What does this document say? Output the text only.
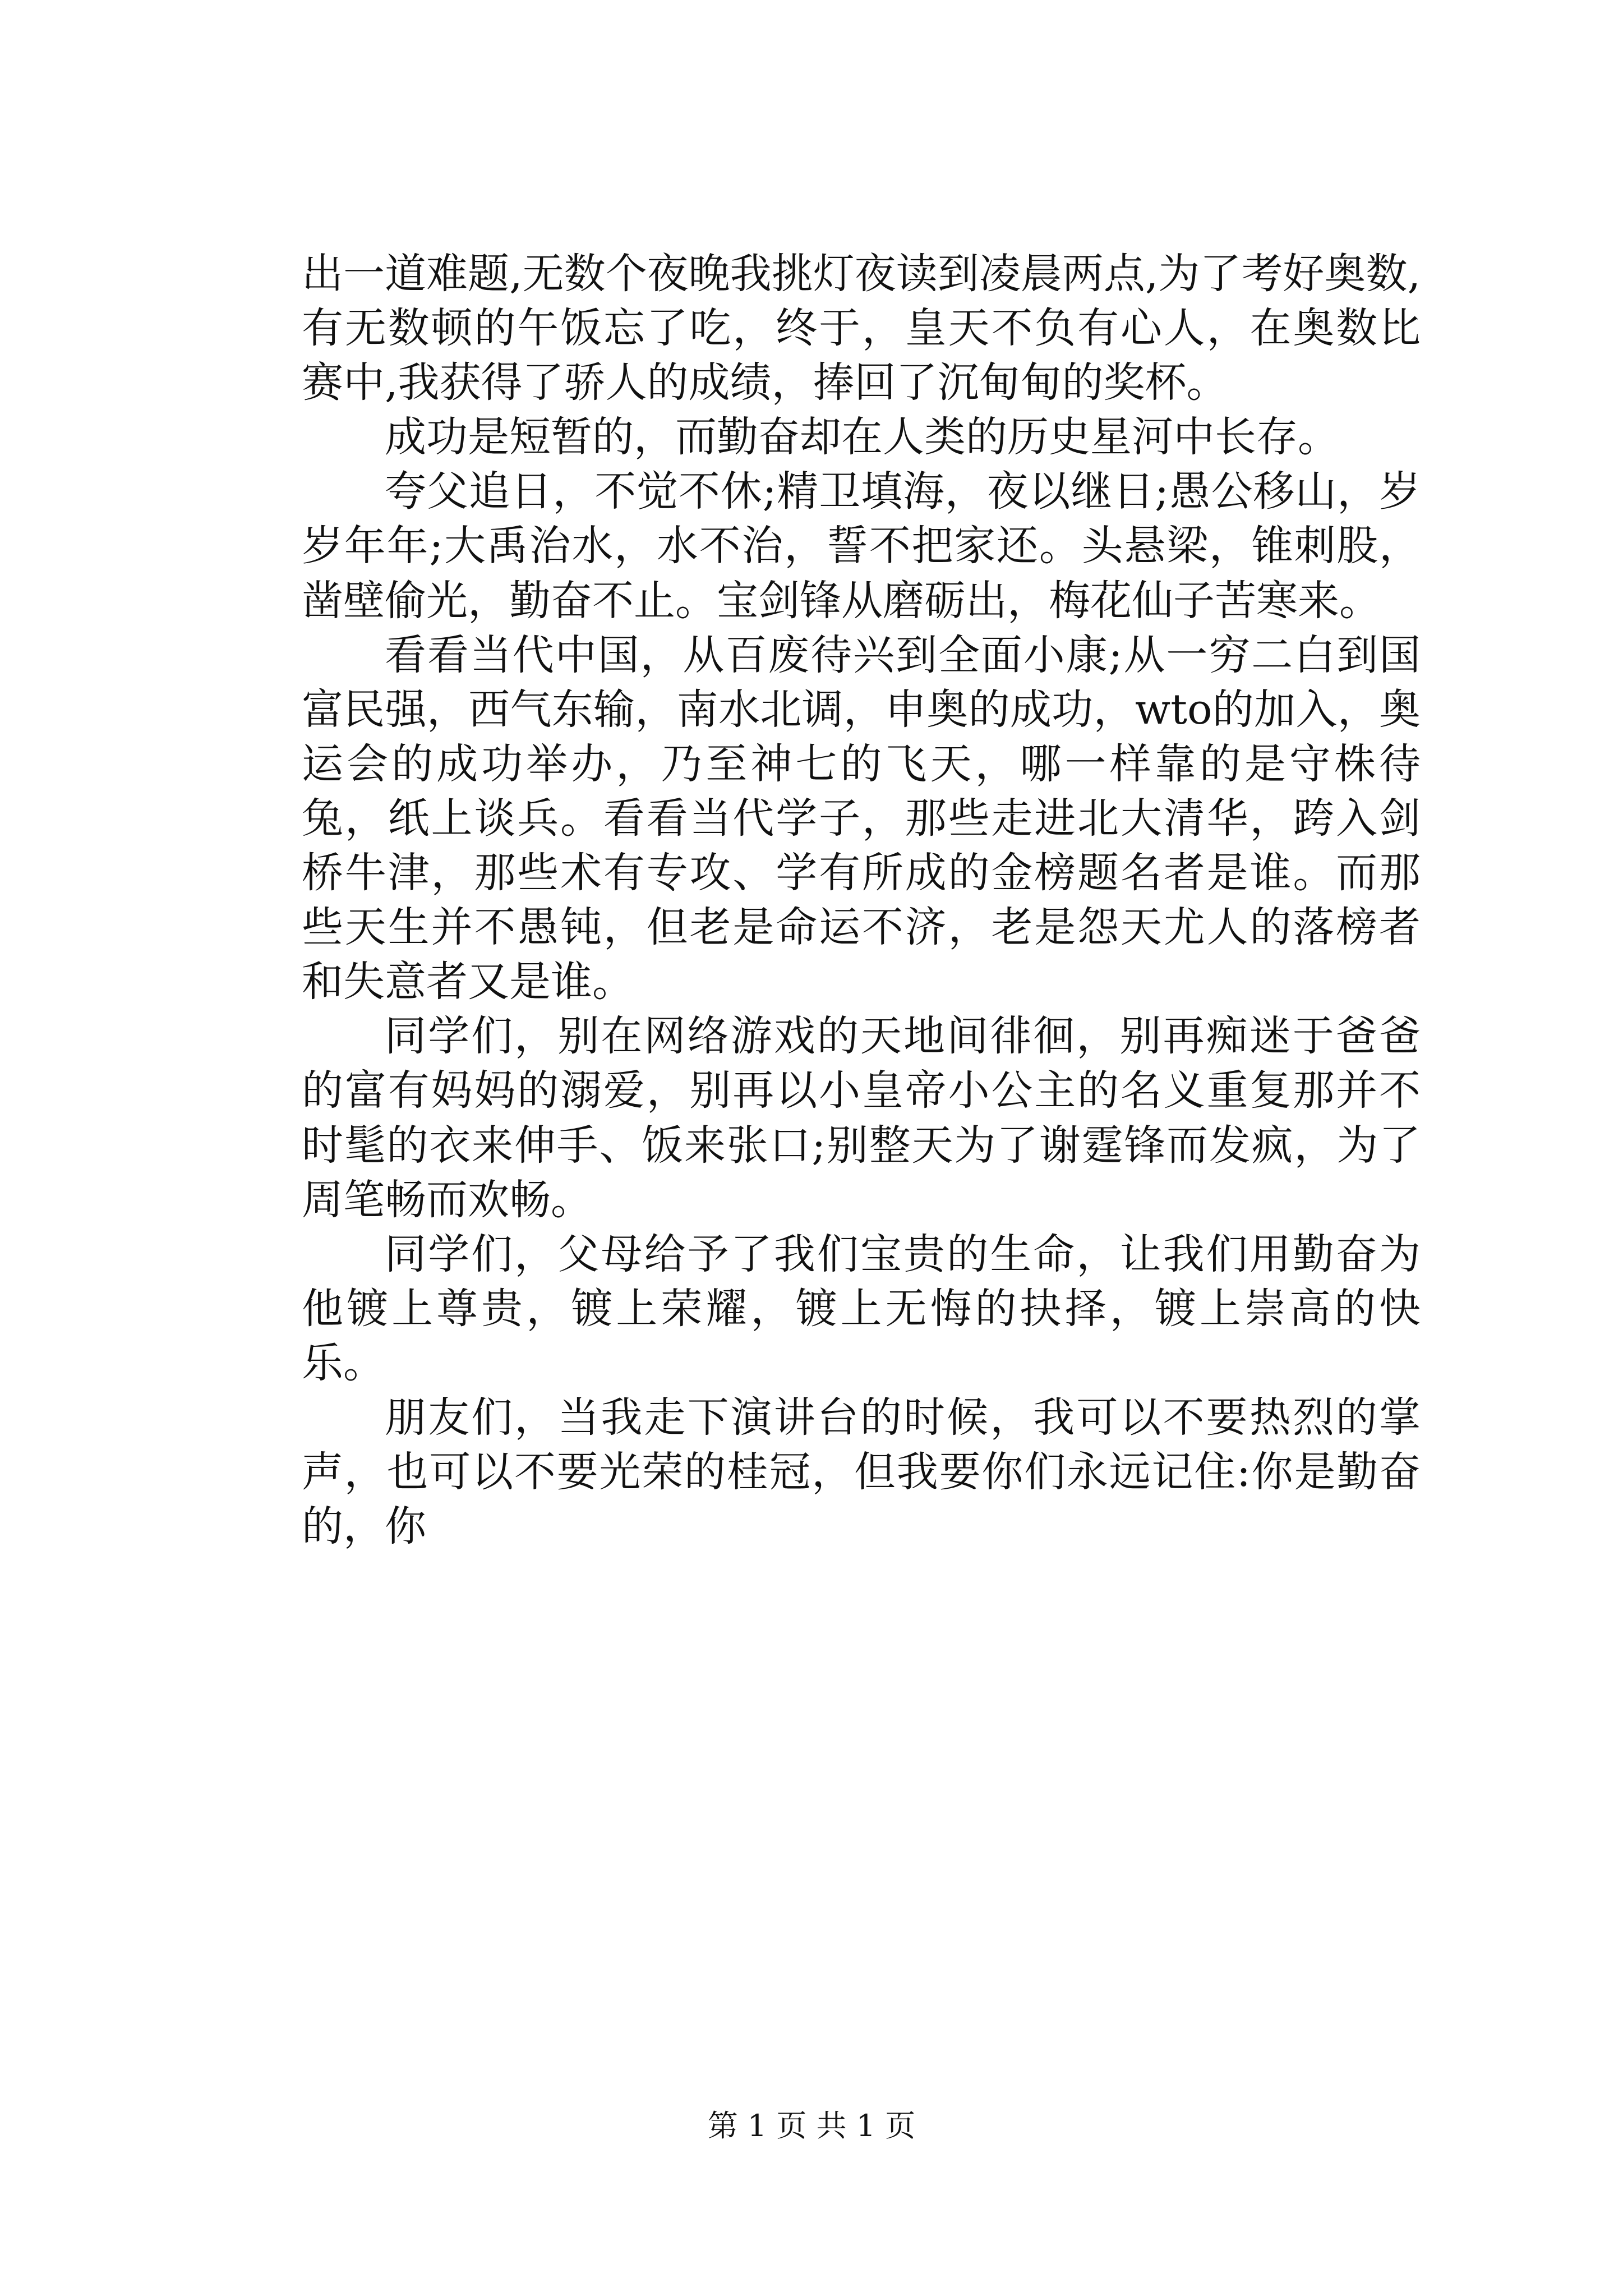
出一道难题,无数个夜晚我挑灯夜读到凌晨两点,为了考好奥数,有无数顿的午饭忘了吃，终于，皇天不负有心人，在奥数比赛中,我获得了骄人的成绩，捧回了沉甸甸的奖杯。

成功是短暂的，而勤奋却在人类的历史星河中长存。

夸父追日，不觉不休;精卫填海，夜以继日;愚公移山，岁岁年年;大禹治水，水不治，誓不把家还。头悬梁，锥刺股，凿壁偷光，勤奋不止。宝剑锋从磨砺出，梅花仙子苦寒来。

看看当代中国，从百废待兴到全面小康;从一穷二白到国富民强，西气东输，南水北调，申奥的成功，wto的加入，奥运会的成功举办，乃至神七的飞天，哪一样靠的是守株待兔，纸上谈兵。看看当代学子，那些走进北大清华，跨入剑桥牛津，那些术有专攻、学有所成的金榜题名者是谁。而那些天生并不愚钝，但老是命运不济，老是怨天尤人的落榜者和失意者又是谁。

同学们，别在网络游戏的天地间徘徊，别再痴迷于爸爸的富有妈妈的溺爱，别再以小皇帝小公主的名义重复那并不时髦的衣来伸手、饭来张口;别整天为了谢霆锋而发疯，为了周笔畅而欢畅。

同学们，父母给予了我们宝贵的生命，让我们用勤奋为他镀上尊贵，镀上荣耀，镀上无悔的抉择，镀上崇高的快乐。

朋友们，当我走下演讲台的时候，我可以不要热烈的掌声，也可以不要光荣的桂冠，但我要你们永远记住:你是勤奋的，你

第 1 页 共 1 页
